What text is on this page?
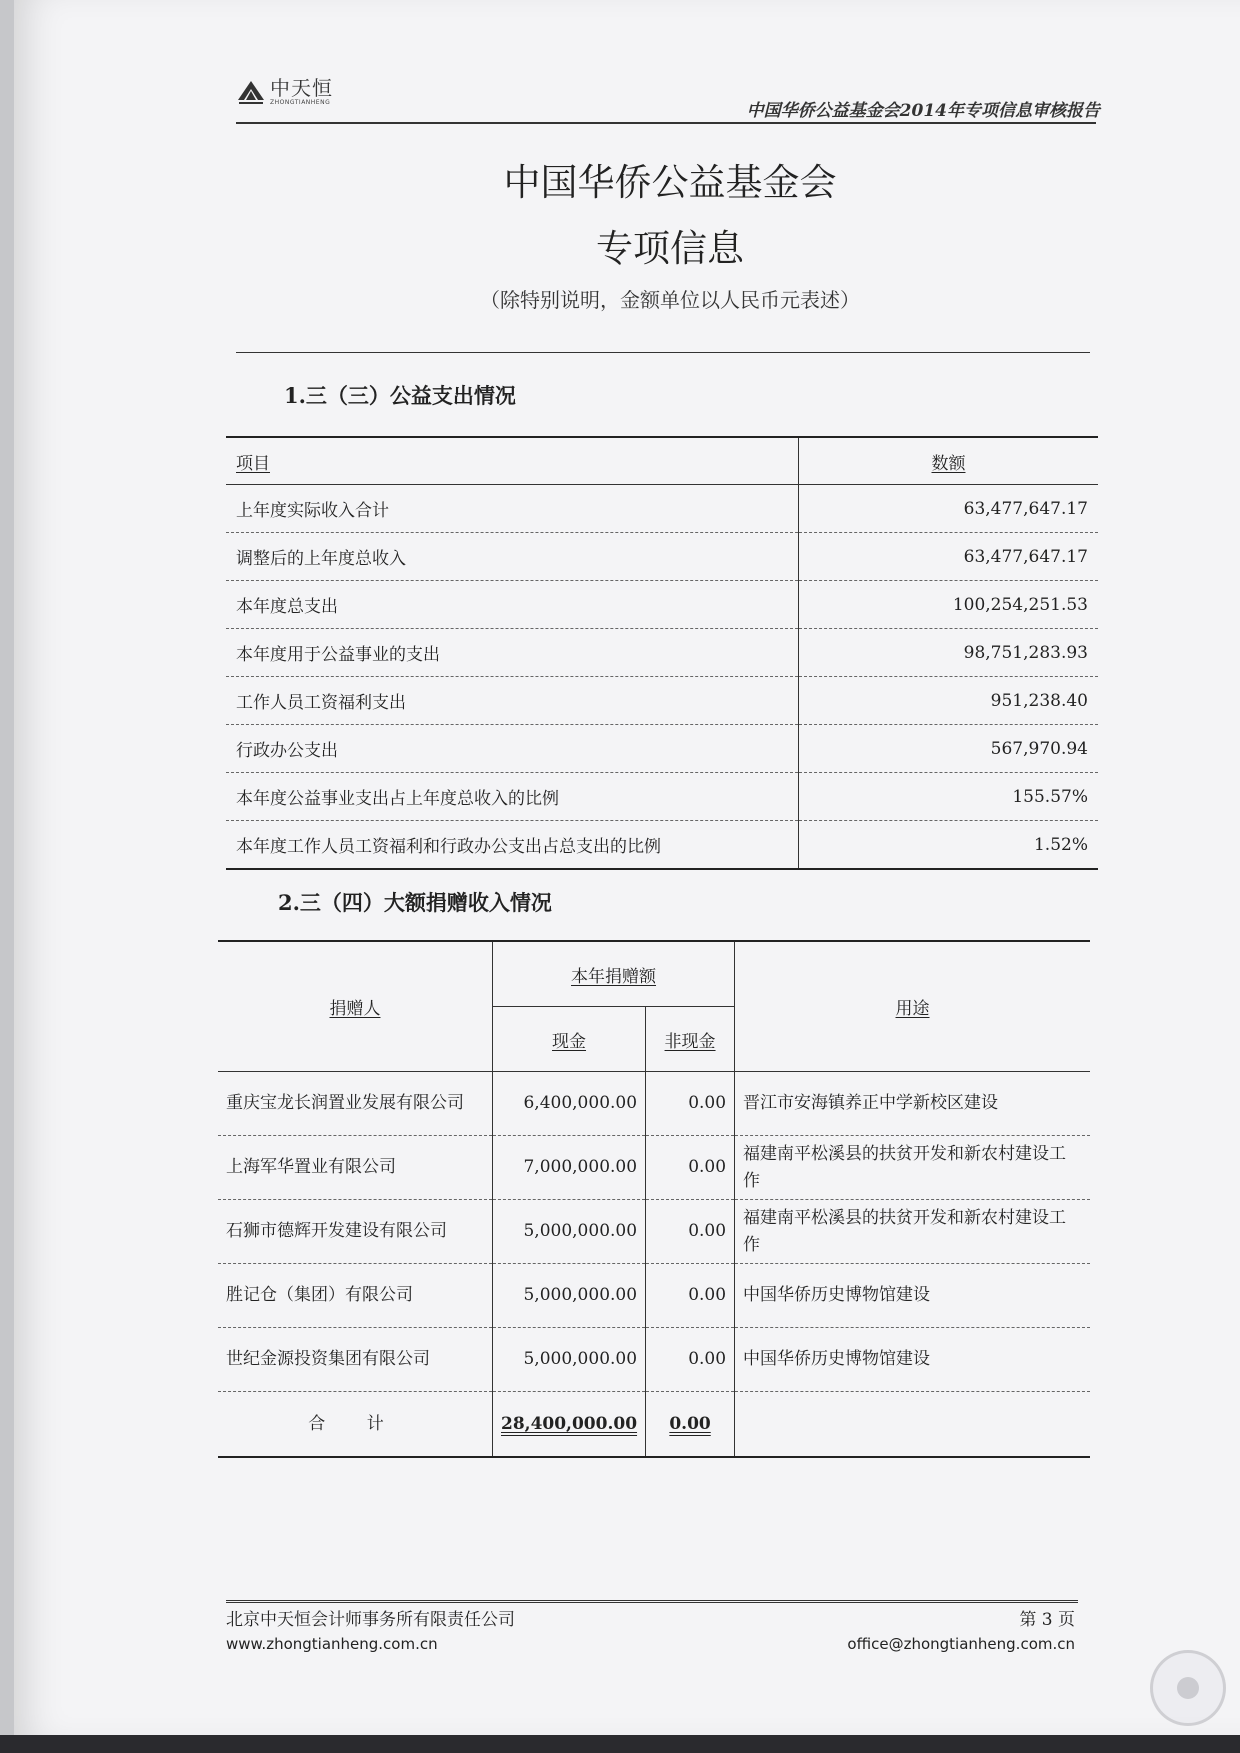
中天恒
ZHONGTIANHENG	中国华侨公益基金会2014年专项信息审核报告
中国华侨公益基金会
专项信息
（除特别说明，金额单位以人民币元表述）
1.三（三）公益支出情况
项目	数额
上年度实际收入合计	63,477,647.17
调整后的上年度总收入	63,477,647.17
本年度总支出	100,254,251.53
本年度用于公益事业的支出	98,751,283.93
工作人员工资福利支出	951,238.40
行政办公支出	567,970.94
本年度公益事业支出占上年度总收入的比例	155.57%
本年度工作人员工资福利和行政办公支出占总支出的比例	1.52%
2.三（四）大额捐赠收入情况
捐赠人	本年捐赠额		用途
	现金	非现金	
重庆宝龙长润置业发展有限公司	6,400,000.00	0.00	晋江市安海镇养正中学新校区建设
上海军华置业有限公司	7,000,000.00	0.00	福建南平松溪县的扶贫开发和新农村建设工作
石狮市德辉开发建设有限公司	5,000,000.00	0.00	福建南平松溪县的扶贫开发和新农村建设工作
胜记仓（集团）有限公司	5,000,000.00	0.00	中国华侨历史博物馆建设
世纪金源投资集团有限公司	5,000,000.00	0.00	中国华侨历史博物馆建设
合 计	28,400,000.00	0.00	
北京中天恒会计师事务所有限责任公司
www.zhongtianheng.com.cn
第 3 页
office@zhongtianheng.com.cn
